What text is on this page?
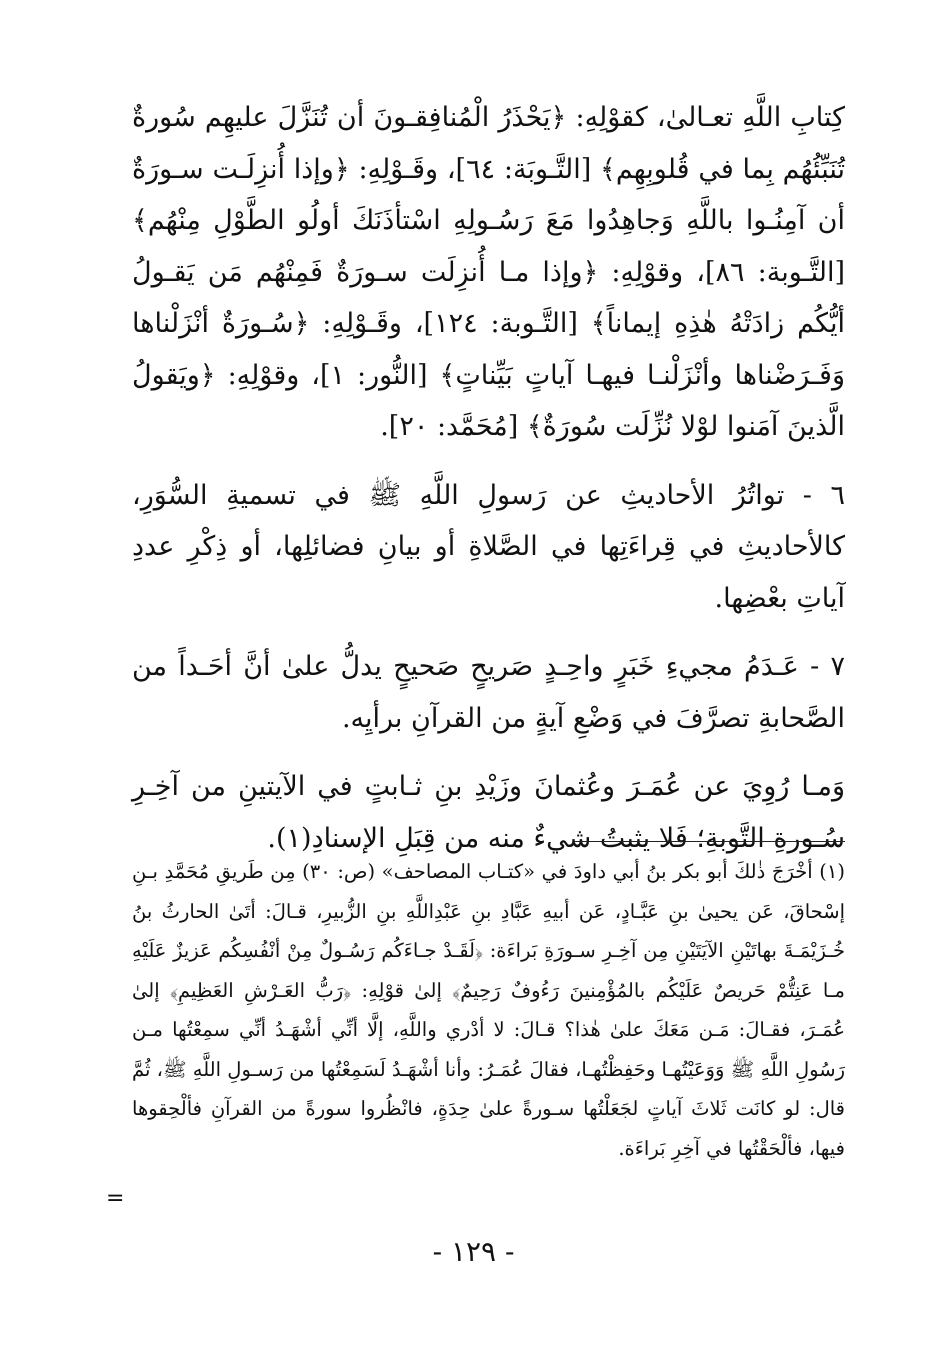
كِتابِ اللَّهِ تعـالىٰ، كقوْلِهِ: ﴿يَحْذَرُ الْمُنافِقـونَ أن تُنَزَّلَ عليهِم سُورةٌ تُنَبِّئُهُم بِما في قُلوبِهِم﴾ [التَّـوبَة: ٦٤]، وقَـوْلِهِ: ﴿وإذا أُنزِلَـت سـورَةٌ أن آمِنُـوا باللَّهِ وَجاهِدُوا مَعَ رَسُـولِهِ اسْتأذَنَكَ أولُو الطَّوْلِ مِنْهُم﴾ [التَّـوبة: ٨٦]، وقوْلِهِ: ﴿وإذا مـا أُنزِلَت سـورَةٌ فَمِنْهُم مَن يَقـولُ أيُّكُم زادَتْهُ هٰذِهِ إيماناً﴾ [التَّـوبة: ١٢٤]، وقَـوْلِهِ: ﴿سُـورَةٌ أنْزَلْناها وَفَـرَضْناها وأنْزَلْنـا فيهـا آياتٍ بَيِّناتٍ﴾ [النُّور: ١]، وقوْلِهِ: ﴿ويَقولُ الَّذينَ آمَنوا لوْلا نُزِّلَت سُورَةٌ﴾ [مُحَمَّد: ٢٠].

٦ - تواتُرُ الأحاديثِ عن رَسولِ اللَّهِ ﷺ في تسميةِ السُّوَرِ، كالأحاديثِ في قِراءَتِها في الصَّلاةِ أو بيانِ فضائلِها، أو ذِكْرِ عددِ آياتِ بعْضِها.

٧ - عَـدَمُ مجيءِ خَبَرٍ واحِـدٍ صَريحٍ صَحيحٍ يدلُّ علىٰ أنَّ أحَـداً من الصَّحابةِ تصرَّفَ في وَضْعِ آيةٍ من القرآنِ برأيِه.

وَمـا رُوِيَ عن عُمَـرَ وعُثمانَ وزَيْدِ بنِ ثـابتٍ في الآيتينِ من آخِـرِ سُـورةِ التَّوبةِ؛ فَلا يثبتُ شيءٌ منه من قِبَلِ الإسنادِ(١).

(١) أخْرَجَ ذٰلكَ أبو بكر بنُ أبي داودَ في «كتـاب المصاحف» (ص: ٣٠) مِن طَريقِ مُحَمَّدِ بـنِ إسْحاقَ، عَن يحيىٰ بنِ عَبَّـادٍ، عَن أبيهِ عَبَّادِ بنِ عَبْدِاللَّهِ بنِ الزُّبيرِ، قـالَ: أتَىٰ الحارثُ بنُ خُـزَيْمَـةَ بهاتَيْنِ الآيَتَيْنِ مِن آخِـرِ سـورَةِ بَراءَة: ﴿لَقَـدْ جـاءَكُم رَسُـولٌ مِنْ أنْفُسِكُم عَزيزٌ عَلَيْهِ مـا عَنِتُّمْ حَريصٌ عَلَيْكُم بالمُؤْمِنينَ رَءُوفٌ رَحِيمٌ﴾ إلىٰ قوْلِهِ: ﴿رَبُّ العَـرْشِ العَظِيمِ﴾ إلىٰ عُمَـرَ، فقـالَ: مَـن مَعَكَ علىٰ هٰذا؟ قـالَ: لا أدْري واللَّهِ، إلَّا أنِّي أشْهَـدُ أنِّي سمِعْتُها مـن رَسُولِ اللَّهِ ﷺ وَوَعَيْتُهـا وحَفِظْتُهـا، فقالَ عُمَـرُ: وأنا أشْهَـدُ لَسَمِعْتُها من رَسـولِ اللَّهِ ﷺ، ثُمَّ قال: لو كانَت ثَلاثَ آياتٍ لجَعَلْتُها سـورةً علىٰ حِدَةٍ، فانْظُروا سورةً من القرآنِ فألْحِقوها فيها، فألْحَقْتُها في آخِرِ بَراءَة.

=
- ١٢٩ -
